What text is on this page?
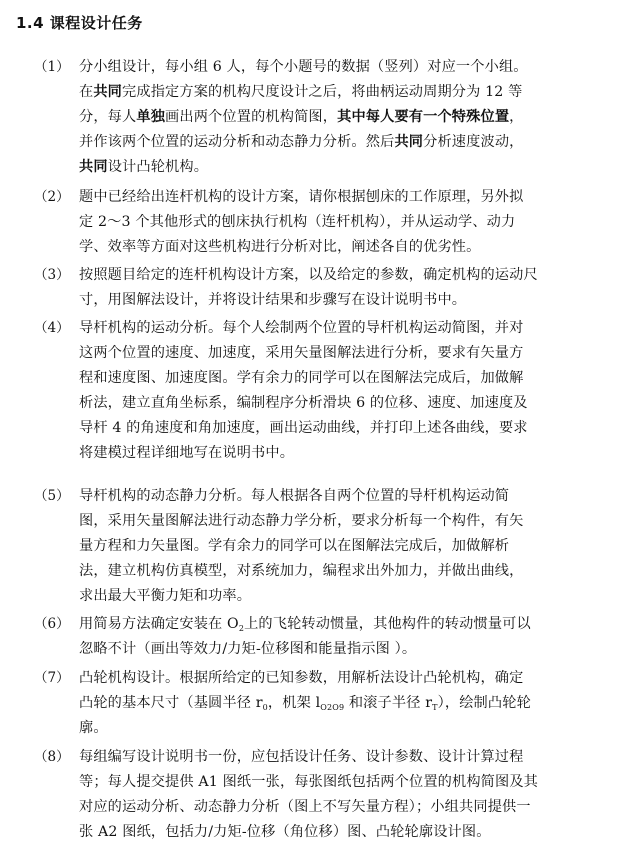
1.4 课程设计任务
（1） 分小组设计，每小组 6 人，每个小题号的数据（竖列）对应一个小组。
在共同完成指定方案的机构尺度设计之后，将曲柄运动周期分为 12 等
分，每人单独画出两个位置的机构简图，其中每人要有一个特殊位置，
并作该两个位置的运动分析和动态静力分析。然后共同分析速度波动，
共同设计凸轮机构。
（2） 题中已经给出连杆机构的设计方案，请你根据刨床的工作原理，另外拟
定 2～3 个其他形式的刨床执行机构（连杆机构），并从运动学、动力
学、效率等方面对这些机构进行分析对比，阐述各自的优劣性。
（3） 按照题目给定的连杆机构设计方案，以及给定的参数，确定机构的运动尺
寸，用图解法设计，并将设计结果和步骤写在设计说明书中。
（4） 导杆机构的运动分析。每个人绘制两个位置的导杆机构运动简图，并对
这两个位置的速度、加速度，采用矢量图解法进行分析，要求有矢量方
程和速度图、加速度图。学有余力的同学可以在图解法完成后，加做解
析法，建立直角坐标系，编制程序分析滑块 6 的位移、速度、加速度及
导杆 4 的角速度和角加速度，画出运动曲线，并打印上述各曲线，要求
将建模过程详细地写在说明书中。
（5） 导杆机构的动态静力分析。每人根据各自两个位置的导杆机构运动简
图，采用矢量图解法进行动态静力学分析，要求分析每一个构件，有矢
量方程和力矢量图。学有余力的同学可以在图解法完成后，加做解析
法，建立机构仿真模型，对系统加力，编程求出外加力，并做出曲线，
求出最大平衡力矩和功率。
（6） 用简易方法确定安装在 $O_2$上的飞轮转动惯量，其他构件的转动惯量可以
忽略不计（画出等效力/力矩-位移图和能量指示图 ）。
（7） 凸轮机构设计。根据所给定的已知参数，用解析法设计凸轮机构，确定
凸轮的基本尺寸（基圆半径 $r_0$，机架 $l_{O2O9}$ 和滚子半径 $r_T$），绘制凸轮轮
廓。
（8） 每组编写设计说明书一份，应包括设计任务、设计参数、设计计算过程
等；每人提交提供 A1 图纸一张，每张图纸包括两个位置的机构简图及其
对应的运动分析、动态静力分析（图上不写矢量方程）；小组共同提供一
张 A2 图纸，包括力/力矩-位移（角位移）图、凸轮轮廓设计图。
